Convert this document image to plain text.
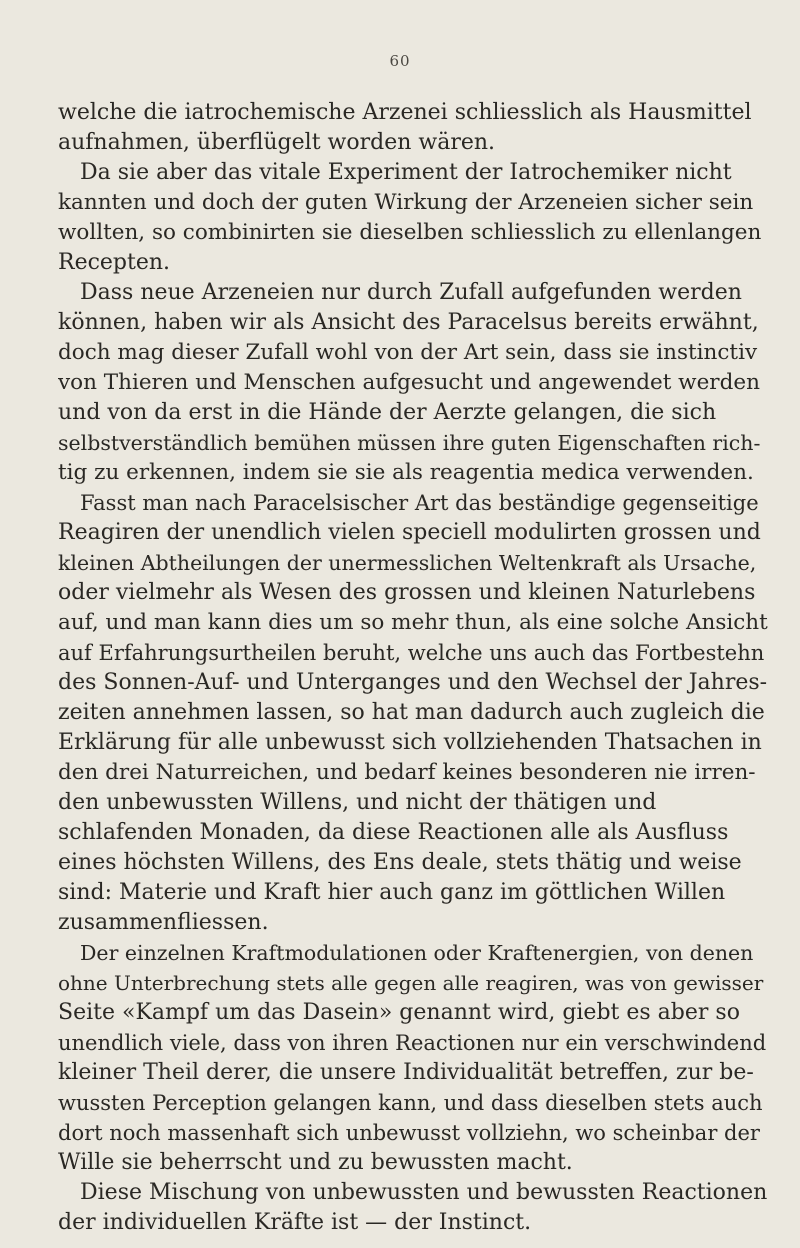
60
welche die iatrochemische Arzenei schliesslich als Hausmittel
aufnahmen, überflügelt worden wären.
Da sie aber das vitale Experiment der Iatrochemiker nicht
kannten und doch der guten Wirkung der Arzeneien sicher sein
wollten, so combinirten sie dieselben schliesslich zu ellenlangen
Recepten.
Dass neue Arzeneien nur durch Zufall aufgefunden werden
können, haben wir als Ansicht des Paracelsus bereits erwähnt,
doch mag dieser Zufall wohl von der Art sein, dass sie instinctiv
von Thieren und Menschen aufgesucht und angewendet werden
und von da erst in die Hände der Aerzte gelangen, die sich
selbstverständlich bemühen müssen ihre guten Eigenschaften rich-
tig zu erkennen, indem sie sie als reagentia medica verwenden.
Fasst man nach Paracelsischer Art das beständige gegenseitige
Reagiren der unendlich vielen speciell modulirten grossen und
kleinen Abtheilungen der unermesslichen Weltenkraft als Ursache,
oder vielmehr als Wesen des grossen und kleinen Naturlebens
auf, und man kann dies um so mehr thun, als eine solche Ansicht
auf Erfahrungsurtheilen beruht, welche uns auch das Fortbestehn
des Sonnen-Auf- und Unterganges und den Wechsel der Jahres-
zeiten annehmen lassen, so hat man dadurch auch zugleich die
Erklärung für alle unbewusst sich vollziehenden Thatsachen in
den drei Naturreichen, und bedarf keines besonderen nie irren-
den unbewussten Willens, und nicht der thätigen und
schlafenden Monaden, da diese Reactionen alle als Ausfluss
eines höchsten Willens, des Ens deale, stets thätig und weise
sind: Materie und Kraft hier auch ganz im göttlichen Willen
zusammenfliessen.
Der einzelnen Kraftmodulationen oder Kraftenergien, von denen
ohne Unterbrechung stets alle gegen alle reagiren, was von gewisser
Seite «Kampf um das Dasein» genannt wird, giebt es aber so
unendlich viele, dass von ihren Reactionen nur ein verschwindend
kleiner Theil derer, die unsere Individualität betreffen, zur be-
wussten Perception gelangen kann, und dass dieselben stets auch
dort noch massenhaft sich unbewusst vollziehn, wo scheinbar der
Wille sie beherrscht und zu bewussten macht.
Diese Mischung von unbewussten und bewussten Reactionen
der individuellen Kräfte ist — der Instinct.
